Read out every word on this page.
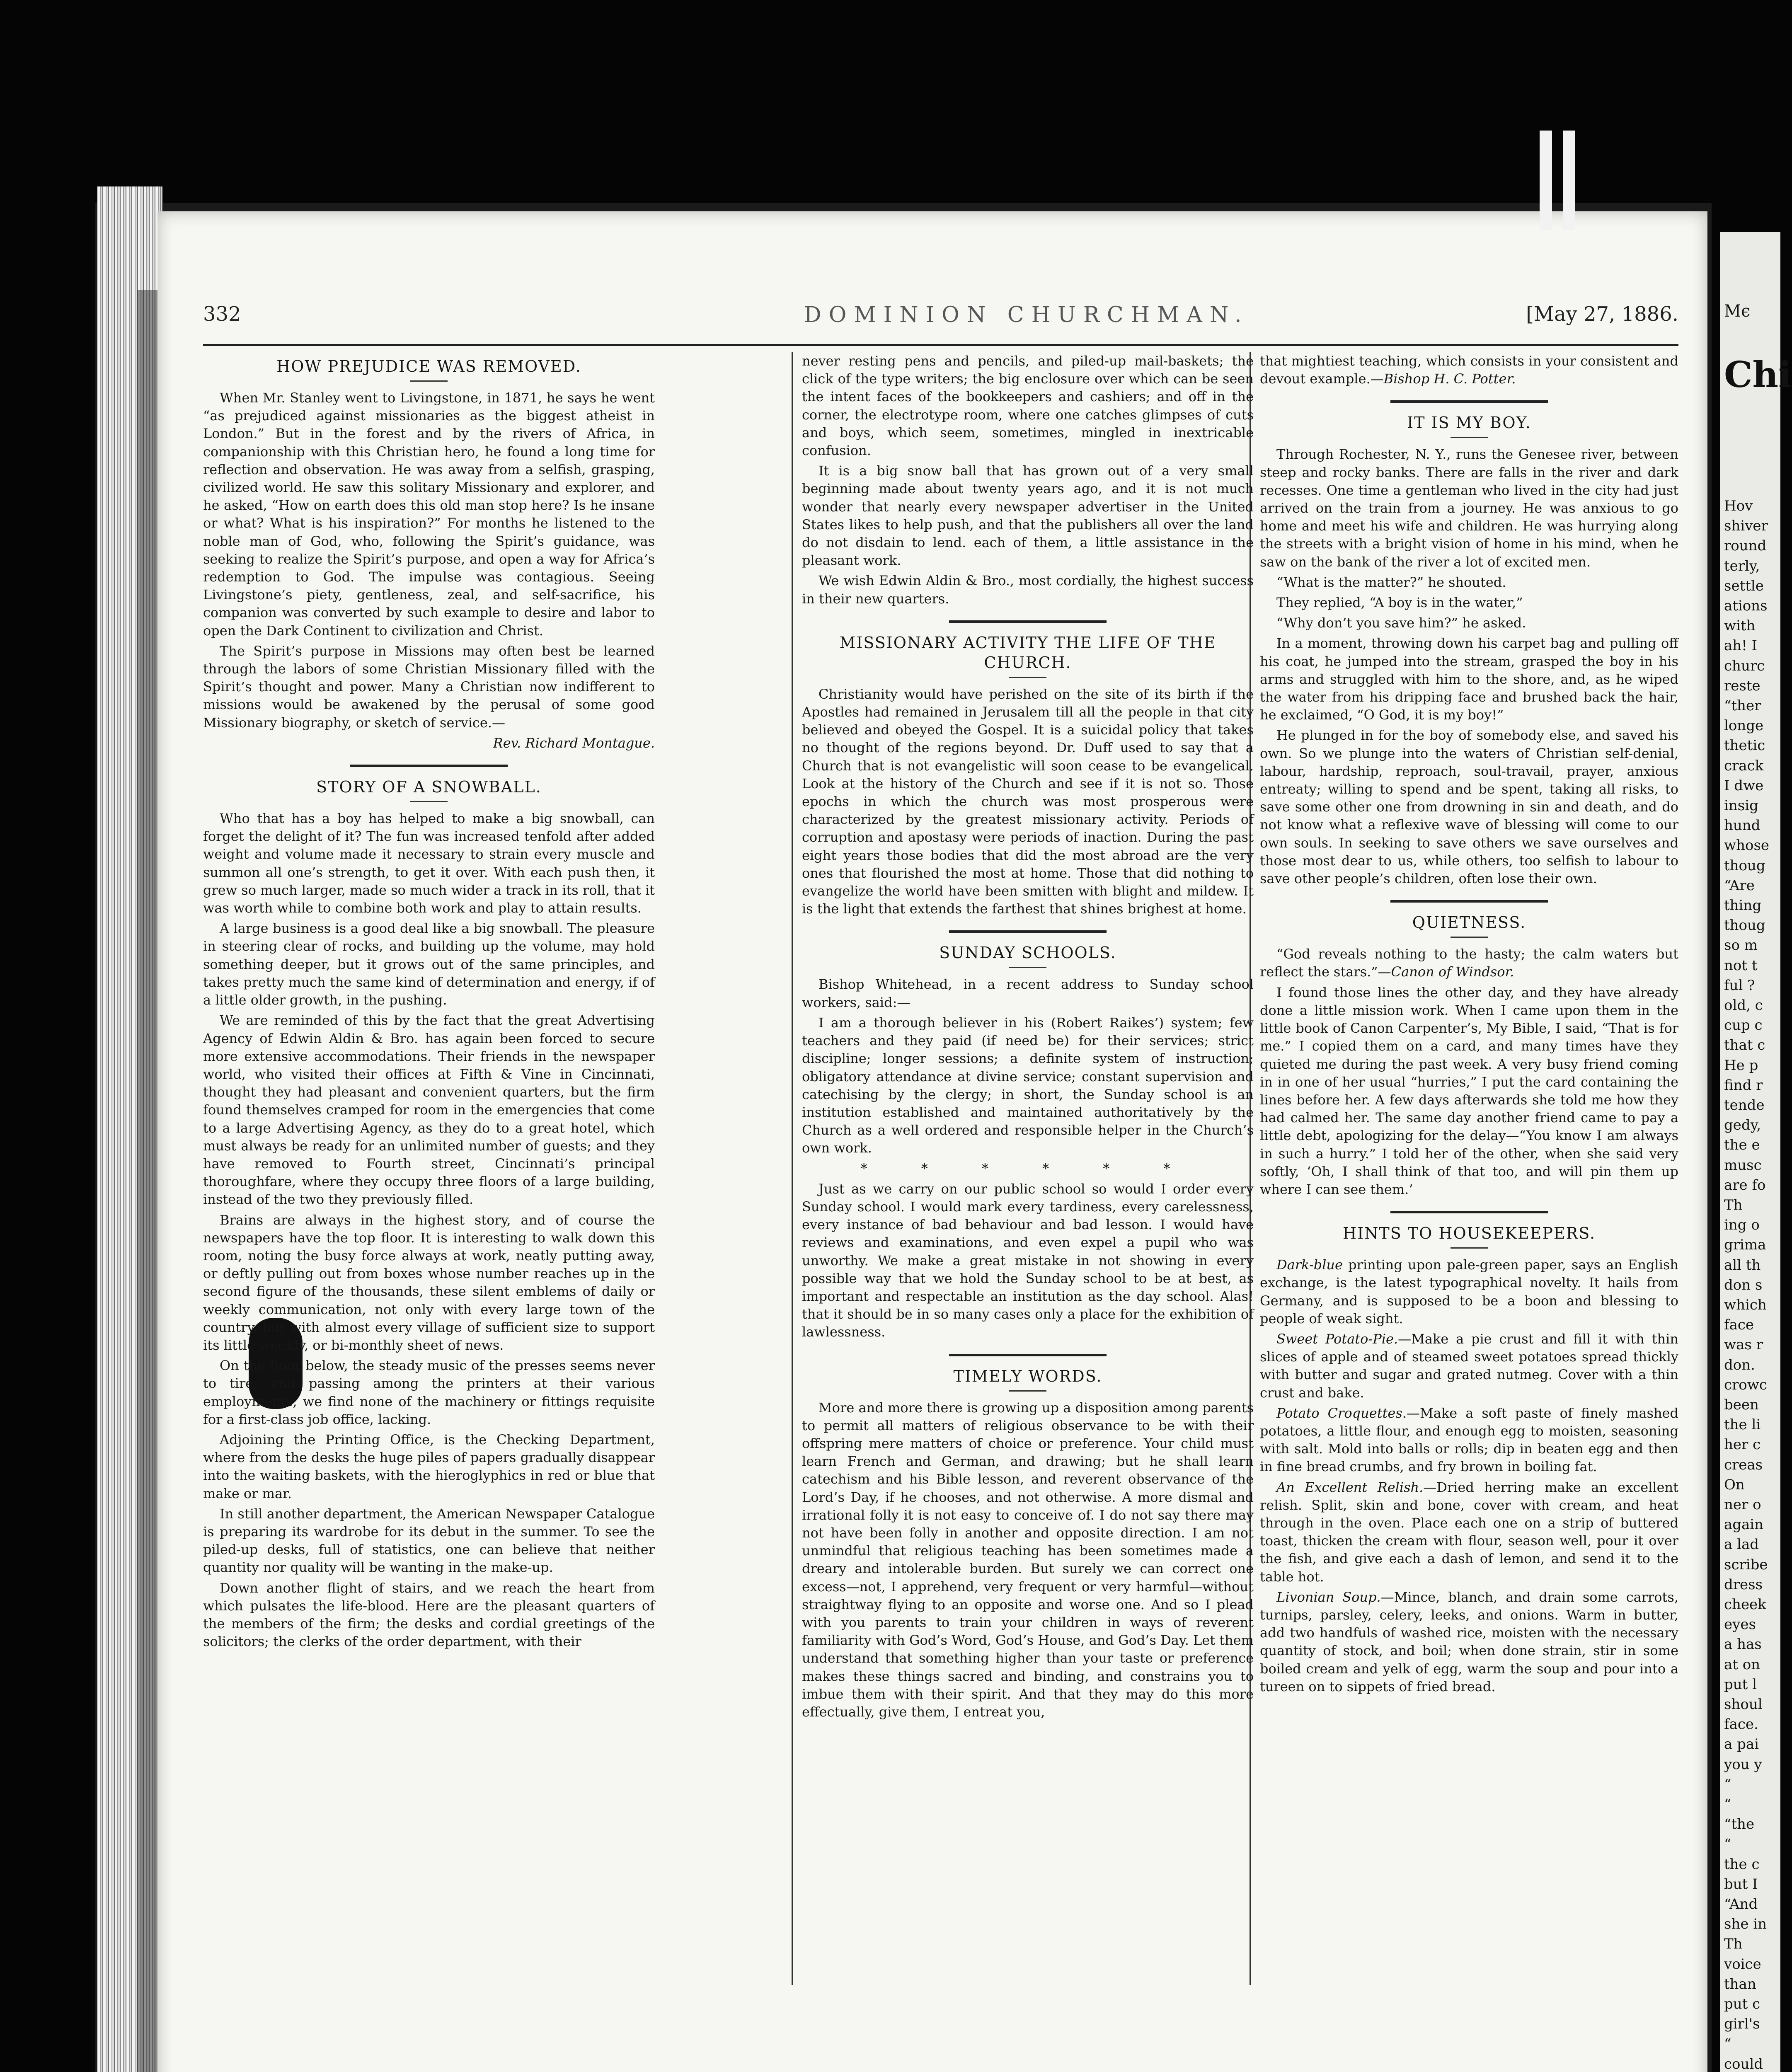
Mє
Chi
Hov
shiver
round
terly,
settle
ations
with
ah! I
churc
reste
“ther
longe
thetic
crack
I dwe
insig
hund
whose
thoug
“Are
thing
thoug
so m
not t
ful ?
old, c
cup c
that c
He p
find r
tende
gedy,
the e
musc
are fo
Th
ing o
grima
all th
don s
which
face
was r
don.
crowc
been
the li
her c
creas
On
ner o
again
a lad
scribe
dress
cheek
eyes
a has
at on
put l
shoul
face.
a pai
you y
“
“
“the
“
the c
but I
“And
she in
Th
voice
than
put c
girl's
“
could
332	DOMINION CHURCHMAN.	[May 27, 1886.
HOW PREJUDICE WAS REMOVED.

When Mr. Stanley went to Livingstone, in 1871, he says he went “as prejudiced against missionaries as the biggest atheist in London.” But in the forest and by the rivers of Africa, in companionship with this Christian hero, he found a long time for reflection and observation. He was away from a selfish, grasping, civilized world. He saw this solitary Missionary and explorer, and he asked, “How on earth does this old man stop here? Is he insane or what? What is his inspiration?” For months he listened to the noble man of God, who, following the Spirit’s guidance, was seeking to realize the Spirit’s purpose, and open a way for Africa’s redemption to God. The impulse was contagious. Seeing Livingstone’s piety, gentleness, zeal, and self-sacrifice, his companion was converted by such example to desire and labor to open the Dark Continent to civilization and Christ.

The Spirit’s purpose in Missions may often best be learned through the labors of some Christian Missionary filled with the Spirit’s thought and power. Many a Christian now indifferent to missions would be awakened by the perusal of some good Missionary biography, or sketch of service.—

Rev. Richard Montague.

STORY OF A SNOWBALL.

Who that has a boy has helped to make a big snowball, can forget the delight of it? The fun was increased tenfold after added weight and volume made it necessary to strain every muscle and summon all one’s strength, to get it over. With each push then, it grew so much larger, made so much wider a track in its roll, that it was worth while to combine both work and play to attain results.

A large business is a good deal like a big snowball. The pleasure in steering clear of rocks, and building up the volume, may hold something deeper, but it grows out of the same principles, and takes pretty much the same kind of determination and energy, if of a little older growth, in the pushing.

We are reminded of this by the fact that the great Advertising Agency of Edwin Aldin & Bro. has again been forced to secure more extensive accommodations. Their friends in the newspaper world, who visited their offices at Fifth & Vine in Cincinnati, thought they had pleasant and convenient quarters, but the firm found themselves cramped for room in the emergencies that come to a large Advertising Agency, as they do to a great hotel, which must always be ready for an unlimited number of guests; and they have removed to Fourth street, Cincinnati’s principal thoroughfare, where they occupy three floors of a large building, instead of the two they previously filled.

Brains are always in the highest story, and of course the newspapers have the top floor. It is interesting to walk down this room, noting the busy force always at work, neatly putting away, or deftly pulling out from boxes whose number reaches up in the second figure of the thousands, these silent emblems of daily or weekly communication, not only with every large town of the country, but with almost every village of sufficient size to support its little weekly, or bi-monthly sheet of news.

On the floor below, the steady music of the presses seems never to tire, and passing among the printers at their various employments, we find none of the machinery or fittings requisite for a first-class job office, lacking.

Adjoining the Printing Office, is the Checking Department, where from the desks the huge piles of papers gradually disappear into the waiting baskets, with the hieroglyphics in red or blue that make or mar.

In still another department, the American Newspaper Catalogue is preparing its wardrobe for its debut in the summer. To see the piled-up desks, full of statistics, one can believe that neither quantity nor quality will be wanting in the make-up.

Down another flight of stairs, and we reach the heart from which pulsates the life-blood. Here are the pleasant quarters of the members of the firm; the desks and cordial greetings of the solicitors; the clerks of the order department, with their

never resting pens and pencils, and piled-up mail-baskets; the click of the type writers; the big enclosure over which can be seen the intent faces of the bookkeepers and cashiers; and off in the corner, the electrotype room, where one catches glimpses of cuts and boys, which seem, sometimes, mingled in inextricable confusion.

It is a big snow ball that has grown out of a very small beginning made about twenty years ago, and it is not much wonder that nearly every newspaper advertiser in the United States likes to help push, and that the publishers all over the land do not disdain to lend. each of them, a little assistance in the pleasant work.

We wish Edwin Aldin & Bro., most cordially, the highest success in their new quarters.

MISSIONARY ACTIVITY THE LIFE OF THE CHURCH.

Christianity would have perished on the site of its birth if the Apostles had remained in Jerusalem till all the people in that city believed and obeyed the Gospel. It is a suicidal policy that takes no thought of the regions beyond. Dr. Duff used to say that a Church that is not evangelistic will soon cease to be evangelical. Look at the history of the Church and see if it is not so. Those epochs in which the church was most prosperous were characterized by the greatest missionary activity. Periods of corruption and apostasy were periods of inaction. During the past eight years those bodies that did the most abroad are the very ones that flourished the most at home. Those that did nothing to evangelize the world have been smitten with blight and mildew. It is the light that extends the farthest that shines brighest at home.

SUNDAY SCHOOLS.

Bishop Whitehead, in a recent address to Sunday school workers, said:—

I am a thorough believer in his (Robert Raikes’) system; few teachers and they paid (if need be) for their services; strict discipline; longer sessions; a definite system of instruction; obligatory attendance at divine service; constant supervision and catechising by the clergy; in short, the Sunday school is an institution established and maintained authoritatively by the Church as a well ordered and responsible helper in the Church’s own work.

* * * * * *

Just as we carry on our public school so would I order every Sunday school. I would mark every tardiness, every carelessness, every instance of bad behaviour and bad lesson. I would have reviews and examinations, and even expel a pupil who was unworthy. We make a great mistake in not showing in every possible way that we hold the Sunday school to be at best, as important and respectable an institution as the day school. Alas! that it should be in so many cases only a place for the exhibition of lawlessness.

TIMELY WORDS.

More and more there is growing up a disposition among parents to permit all matters of religious observance to be with their offspring mere matters of choice or preference. Your child must learn French and German, and drawing; but he shall learn catechism and his Bible lesson, and reverent observance of the Lord’s Day, if he chooses, and not otherwise. A more dismal and irrational folly it is not easy to conceive of. I do not say there may not have been folly in another and opposite direction. I am not unmindful that religious teaching has been sometimes made a dreary and intolerable burden. But surely we can correct one excess—not, I apprehend, very frequent or very harmful—without straightway flying to an opposite and worse one. And so I plead with you parents to train your children in ways of reverent familiarity with God’s Word, God’s House, and God’s Day. Let them understand that something higher than your taste or preference makes these things sacred and binding, and constrains you to imbue them with their spirit. And that they may do this more effectually, give them, I entreat you,

that mightiest teaching, which consists in your consistent and devout example.—Bishop H. C. Potter.

IT IS MY BOY.

Through Rochester, N. Y., runs the Genesee river, between steep and rocky banks. There are falls in the river and dark recesses. One time a gentleman who lived in the city had just arrived on the train from a journey. He was anxious to go home and meet his wife and children. He was hurrying along the streets with a bright vision of home in his mind, when he saw on the bank of the river a lot of excited men.

“What is the matter?” he shouted.

They replied, “A boy is in the water,”

“Why don’t you save him?” he asked.

In a moment, throwing down his carpet bag and pulling off his coat, he jumped into the stream, grasped the boy in his arms and struggled with him to the shore, and, as he wiped the water from his dripping face and brushed back the hair, he exclaimed, “O God, it is my boy!”

He plunged in for the boy of somebody else, and saved his own. So we plunge into the waters of Christian self-denial, labour, hardship, reproach, soul-travail, prayer, anxious entreaty; willing to spend and be spent, taking all risks, to save some other one from drowning in sin and death, and do not know what a reflexive wave of blessing will come to our own souls. In seeking to save others we save ourselves and those most dear to us, while others, too selfish to labour to save other people’s children, often lose their own.

QUIETNESS.

“God reveals nothing to the hasty; the calm waters but reflect the stars.”—Canon of Windsor.

I found those lines the other day, and they have already done a little mission work. When I came upon them in the little book of Canon Carpenter’s, My Bible, I said, “That is for me.” I copied them on a card, and many times have they quieted me during the past week. A very busy friend coming in in one of her usual “hurries,” I put the card containing the lines before her. A few days afterwards she told me how they had calmed her. The same day another friend came to pay a little debt, apologizing for the delay—“You know I am always in such a hurry.” I told her of the other, when she said very softly, ‘Oh, I shall think of that too, and will pin them up where I can see them.’

HINTS TO HOUSEKEEPERS.

Dark-blue printing upon pale-green paper, says an English exchange, is the latest typographical novelty. It hails from Germany, and is supposed to be a boon and blessing to people of weak sight.

Sweet Potato-Pie.—Make a pie crust and fill it with thin slices of apple and of steamed sweet potatoes spread thickly with butter and sugar and grated nutmeg. Cover with a thin crust and bake.

Potato Croquettes.—Make a soft paste of finely mashed potatoes, a little flour, and enough egg to moisten, seasoning with salt. Mold into balls or rolls; dip in beaten egg and then in fine bread crumbs, and fry brown in boiling fat.

An Excellent Relish.—Dried herring make an excellent relish. Split, skin and bone, cover with cream, and heat through in the oven. Place each one on a strip of buttered toast, thicken the cream with flour, season well, pour it over the fish, and give each a dash of lemon, and send it to the table hot.

Livonian Soup.—Mince, blanch, and drain some carrots, turnips, parsley, celery, leeks, and onions. Warm in butter, add two handfuls of washed rice, moisten with the necessary quantity of stock, and boil; when done strain, stir in some boiled cream and yelk of egg, warm the soup and pour into a tureen on to sippets of fried bread.
